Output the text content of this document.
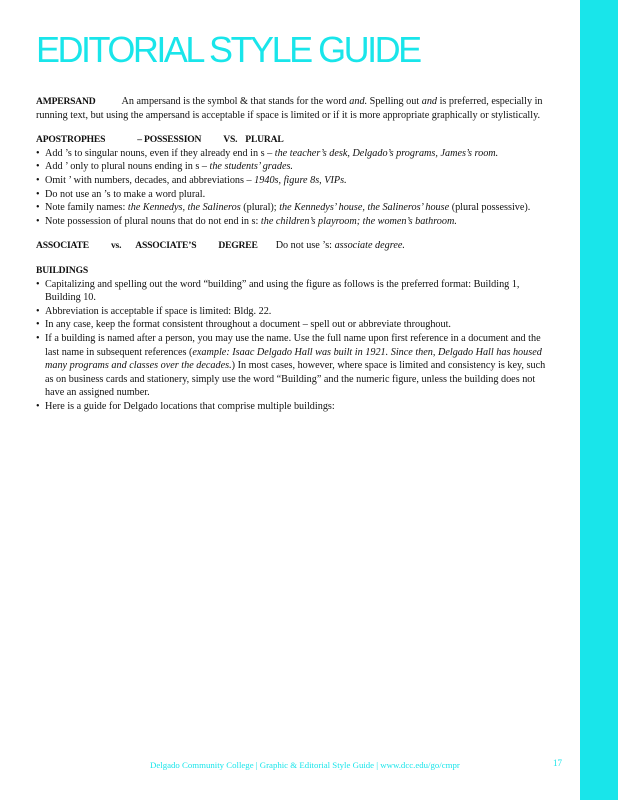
EDITORIAL STYLE GUIDE
AMPERSAND	An ampersand is the symbol & that stands for the word and. Spelling out and is preferred, especially in running text, but using the ampersand is acceptable if space is limited or if it is more appropriate graphically or stylistically.
APOSTROPHES	– POSSESSION VS. PLURAL
• Add ’s to singular nouns, even if they already end in s – the teacher’s desk, Delgado’s programs, James’s room.
• Add ’ only to plural nouns ending in s – the students’ grades.
• Omit ’ with numbers, decades, and abbreviations – 1940s, figure 8s, VIPs.
• Do not use an ’s to make a word plural.
• Note family names: the Kennedys, the Salineros (plural); the Kennedys’ house, the Salineros’ house (plural possessive).
• Note possession of plural nouns that do not end in s: the children’s playroom; the women’s bathroom.
ASSOCIATE vs. ASSOCIATE’S DEGREE Do not use ’s: associate degree.
BUILDINGS
• Capitalizing and spelling out the word “building” and using the figure as follows is the preferred format: Building 1, Building 10.
• Abbreviation is acceptable if space is limited: Bldg. 22.
• In any case, keep the format consistent throughout a document – spell out or abbreviate throughout.
• If a building is named after a person, you may use the name. Use the full name upon first reference in a document and the last name in subsequent references (example: Isaac Delgado Hall was built in 1921. Since then, Delgado Hall has housed many programs and classes over the decades.) In most cases, however, where space is limited and consistency is key, such as on business cards and stationery, simply use the word “Building” and the numeric figure, unless the building does not have an assigned number.
• Here is a guide for Delgado locations that comprise multiple buildings:
Delgado Community College | Graphic & Editorial Style Guide | www.dcc.edu/go/cmpr	17
